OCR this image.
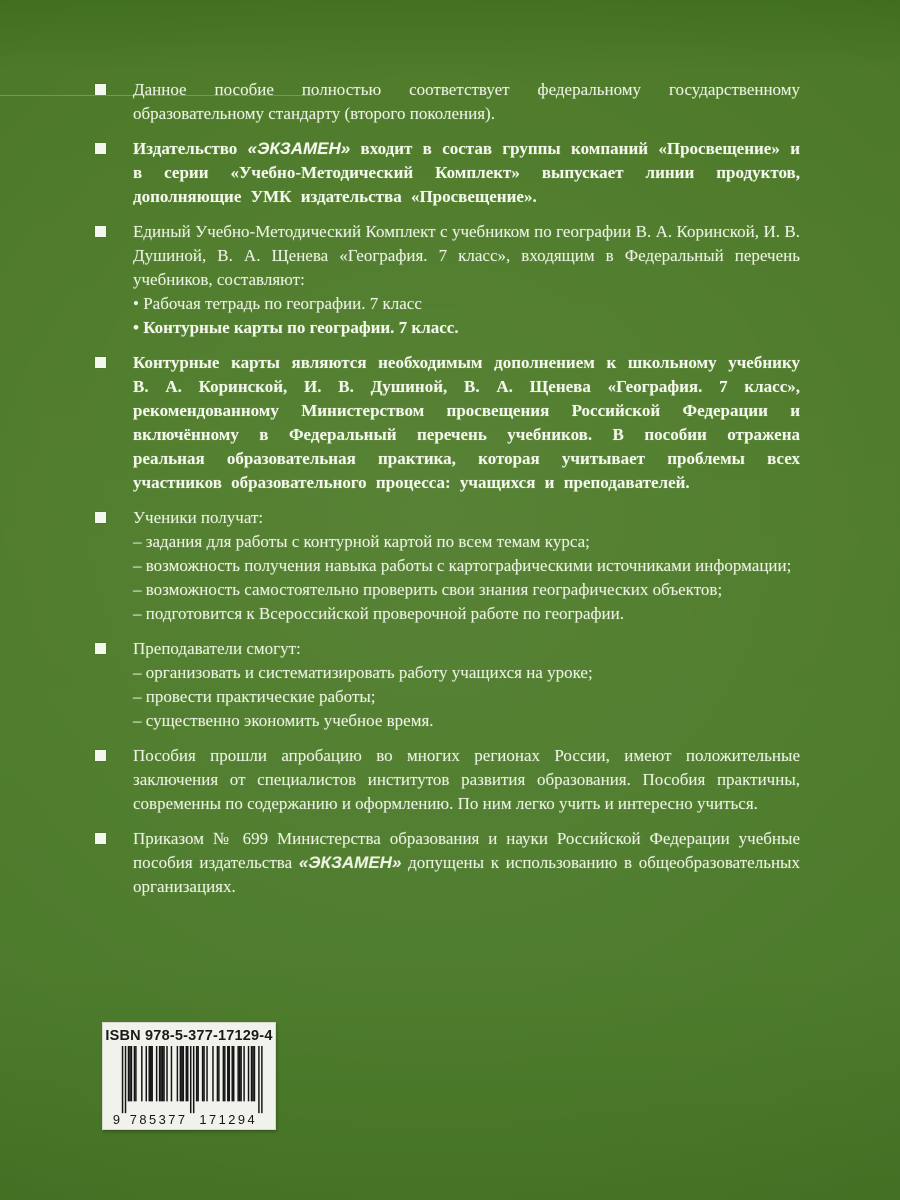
Данное пособие полностью соответствует федеральному государственному образовательному стандарту (второго поколения).

Издательство «ЭКЗАМЕН» входит в состав группы компаний «Просвещение» и в серии «Учебно-Методический Комплект» выпускает линии продуктов, дополняющие УМК издательства «Просвещение».

Единый Учебно-Методический Комплект с учебником по географии В. А. Коринской, И. В. Душиной, В. А. Щенева «География. 7 класс», входящим в Федеральный перечень учебников, составляют:

• Рабочая тетрадь по географии. 7 класс
• Контурные карты по географии. 7 класс.

Контурные карты являются необходимым дополнением к школьному учебнику В. А. Коринской, И. В. Душиной, В. А. Щенева «География. 7 класс», рекомендованному Министерством просвещения Российской Федерации и включённому в Федеральный перечень учебников. В пособии отражена реальная образовательная практика, которая учитывает проблемы всех участников образовательного процесса: учащихся и преподавателей.

Ученики получат:

– задания для работы с контурной картой по всем темам курса;
– возможность получения навыка работы с картографическими источниками информации;
– возможность самостоятельно проверить свои знания географических объектов;
– подготовится к Всероссийской проверочной работе по географии.

Преподаватели смогут:

– организовать и систематизировать работу учащихся на уроке;
– провести практические работы;
– существенно экономить учебное время.

Пособия прошли апробацию во многих регионах России, имеют положительные заключения от специалистов институтов развития образования. Пособия практичны, современны по содержанию и оформлению. По ним легко учить и интересно учиться.

Приказом № 699 Министерства образования и науки Российской Федерации учебные пособия издательства «ЭКЗАМЕН» допущены к использованию в общеобразовательных организациях.

ISBN 978-5-377-17129-4
9 785377 171294
